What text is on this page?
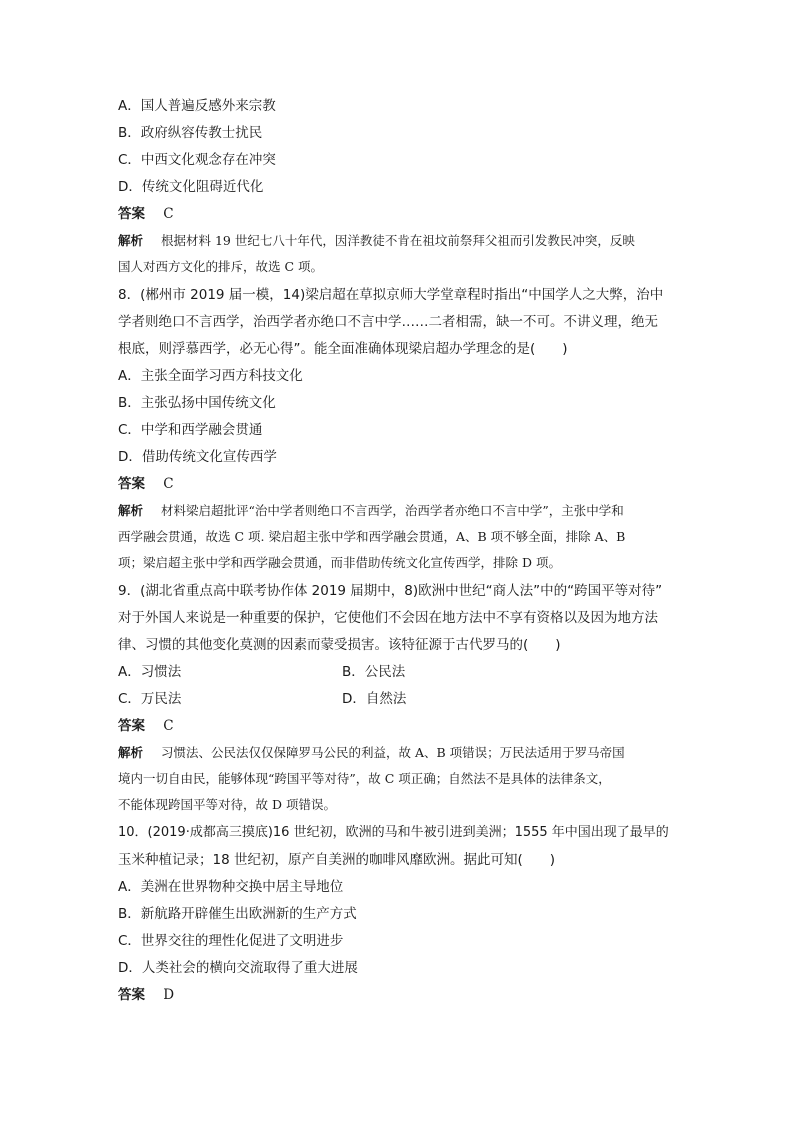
A．国人普遍反感外来宗教
B．政府纵容传教士扰民
C．中西文化观念存在冲突
D．传统文化阻碍近代化
答案 C
解析 根据材料 19 世纪七八十年代，因洋教徒不肯在祖坟前祭拜父祖而引发教民冲突，反映
国人对西方文化的排斥，故选 C 项。
8．(郴州市 2019 届一模，14)梁启超在草拟京师大学堂章程时指出“中国学人之大弊，治中
学者则绝口不言西学，治西学者亦绝口不言中学……二者相需，缺一不可。不讲义理，绝无
根底，则浮慕西学，必无心得”。能全面准确体现梁启超办学理念的是(　　)
A．主张全面学习西方科技文化
B．主张弘扬中国传统文化
C．中学和西学融会贯通
D．借助传统文化宣传西学
答案 C
解析 材料梁启超批评“治中学者则绝口不言西学，治西学者亦绝口不言中学”，主张中学和
西学融会贯通，故选 C 项. 梁启超主张中学和西学融会贯通，A、B 项不够全面，排除 A、B
项；梁启超主张中学和西学融会贯通，而非借助传统文化宣传西学，排除 D 项。
9．(湖北省重点高中联考协作体 2019 届期中，8)欧洲中世纪“商人法”中的“跨国平等对待”
对于外国人来说是一种重要的保护，它使他们不会因在地方法中不享有资格以及因为地方法
律、习惯的其他变化莫测的因素而蒙受损害。该特征源于古代罗马的(　　)
A．习惯法	B．公民法
C．万民法	D．自然法
答案 C
解析 习惯法、公民法仅仅保障罗马公民的利益，故 A、B 项错误；万民法适用于罗马帝国
境内一切自由民，能够体现“跨国平等对待”，故 C 项正确；自然法不是具体的法律条文，
不能体现跨国平等对待，故 D 项错误。
10．(2019·成都高三摸底)16 世纪初，欧洲的马和牛被引进到美洲；1555 年中国出现了最早的
玉米种植记录；18 世纪初，原产自美洲的咖啡风靡欧洲。据此可知(　　)
A．美洲在世界物种交换中居主导地位
B．新航路开辟催生出欧洲新的生产方式
C．世界交往的理性化促进了文明进步
D．人类社会的横向交流取得了重大进展
答案 D
